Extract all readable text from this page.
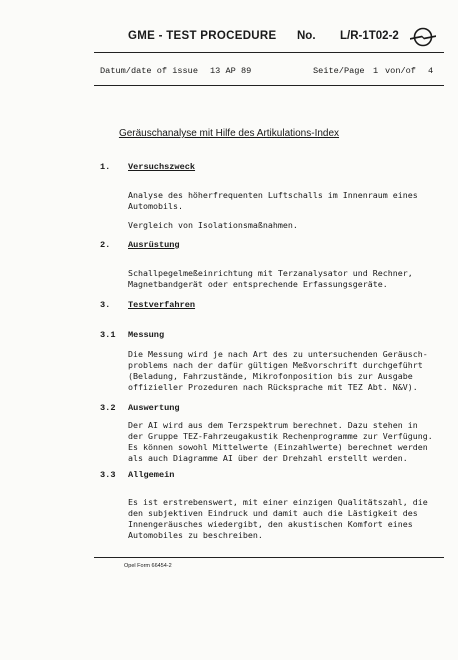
GME - TEST PROCEDURE No. L/R-1T02-2
Datum/date of issue 13 AP 89	Seite/Page 1 von/of 4
Geräuschanalyse mit Hilfe des Artikulations-Index
1. Versuchszweck
Analyse des höherfrequenten Luftschalls im Innenraum eines
Automobils.
Vergleich von Isolationsmaßnahmen.
2. Ausrüstung
Schallpegelmeßeinrichtung mit Terzanalysator und Rechner,
Magnetbandgerät oder entsprechende Erfassungsgeräte.
3. Testverfahren
3.1 Messung
Die Messung wird je nach Art des zu untersuchenden Geräusch-
problems nach der dafür gültigen Meßvorschrift durchgeführt
(Beladung, Fahrzustände, Mikrofonposition bis zur Ausgabe
offizieller Prozeduren nach Rücksprache mit TEZ Abt. N&V).
3.2 Auswertung
Der AI wird aus dem Terzspektrum berechnet. Dazu stehen in
der Gruppe TEZ-Fahrzeugakustik Rechenprogramme zur Verfügung.
Es können sowohl Mittelwerte (Einzahlwerte) berechnet werden
als auch Diagramme AI über der Drehzahl erstellt werden.
3.3 Allgemein
Es ist erstrebenswert, mit einer einzigen Qualitätszahl, die
den subjektiven Eindruck und damit auch die Lästigkeit des
Innengeräusches wiedergibt, den akustischen Komfort eines
Automobiles zu beschreiben.
Opel Form 66454-2
